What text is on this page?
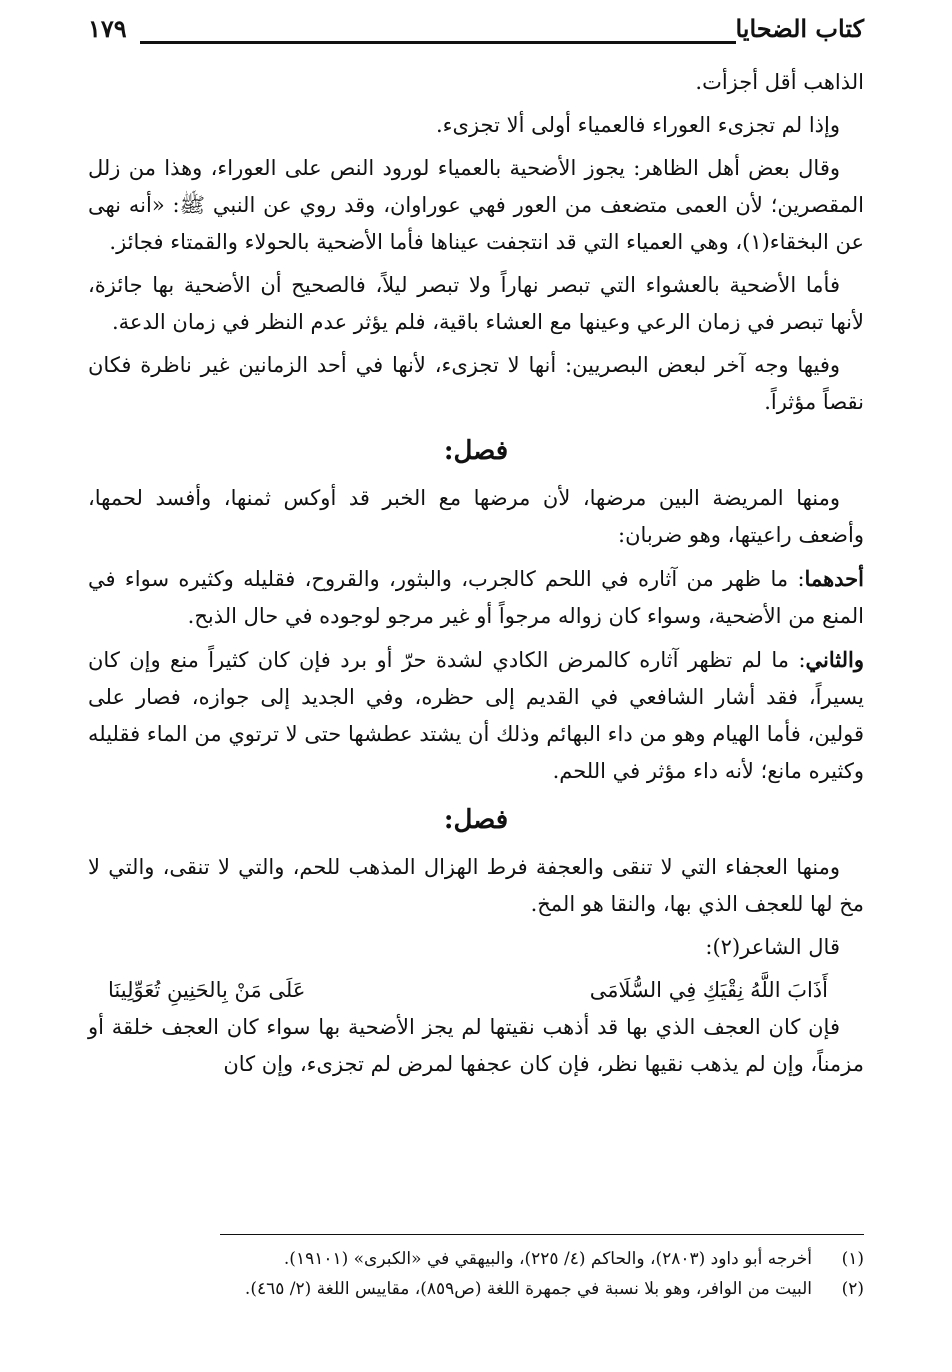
كتاب الضحايا
١٧٩

الذاهب أقل أجزأت.

وإذا لم تجزىء العوراء فالعمياء أولى ألا تجزىء.

وقال بعض أهل الظاهر: يجوز الأضحية بالعمياء لورود النص على العوراء، وهذا من زلل المقصرين؛ لأن العمى متضعف من العور فهي عوراوان، وقد روي عن النبي ﷺ: «أنه نهى عن البخقاء(١)، وهي العمياء التي قد انتجفت عيناها فأما الأضحية بالحولاء والقمتاء فجائز.

فأما الأضحية بالعشواء التي تبصر نهاراً ولا تبصر ليلاً، فالصحيح أن الأضحية بها جائزة، لأنها تبصر في زمان الرعي وعينها مع العشاء باقية، فلم يؤثر عدم النظر في زمان الدعة.

وفيها وجه آخر لبعض البصريين: أنها لا تجزىء، لأنها في أحد الزمانين غير ناظرة فكان نقصاً مؤثراً.

فصل:

ومنها المريضة البين مرضها، لأن مرضها مع الخبر قد أوكس ثمنها، وأفسد لحمها، وأضعف راعيتها، وهو ضربان:

أحدهما: ما ظهر من آثاره في اللحم كالجرب، والبثور، والقروح، فقليله وكثيره سواء في المنع من الأضحية، وسواء كان زواله مرجواً أو غير مرجو لوجوده في حال الذبح.

والثاني: ما لم تظهر آثاره كالمرض الكادي لشدة حرّ أو برد فإن كان كثيراً منع وإن كان يسيراً، فقد أشار الشافعي في القديم إلى حظره، وفي الجديد إلى جوازه، فصار على قولين، فأما الهيام وهو من داء البهائم وذلك أن يشتد عطشها حتى لا ترتوي من الماء فقليله وكثيره مانع؛ لأنه داء مؤثر في اللحم.

فصل:

ومنها العجفاء التي لا تنقى والعجفة فرط الهزال المذهب للحم، والتي لا تنقى، والتي لا مخ لها للعجف الذي بها، والنقا هو المخ.

قال الشاعر(٢):

أَذَابَ اللَّهُ نِقْيَكِ فِي السُّلَامَى
عَلَى مَنْ بِالحَنِينِ تُعَوِّلِينَا

فإن كان العجف الذي بها قد أذهب نقيتها لم يجز الأضحية بها سواء كان العجف خلقة أو مزمناً، وإن لم يذهب نقيها نظر، فإن كان عجفها لمرض لم تجزىء، وإن كان

(١)
أخرجه أبو داود (٢٨٠٣)، والحاكم (٤/ ٢٢٥)، والبيهقي في «الكبرى» (١٩١٠١).
(٢)
البيت من الوافر، وهو بلا نسبة في جمهرة اللغة (ص٨٥٩)، مقاييس اللغة (٢/ ٤٦٥).
